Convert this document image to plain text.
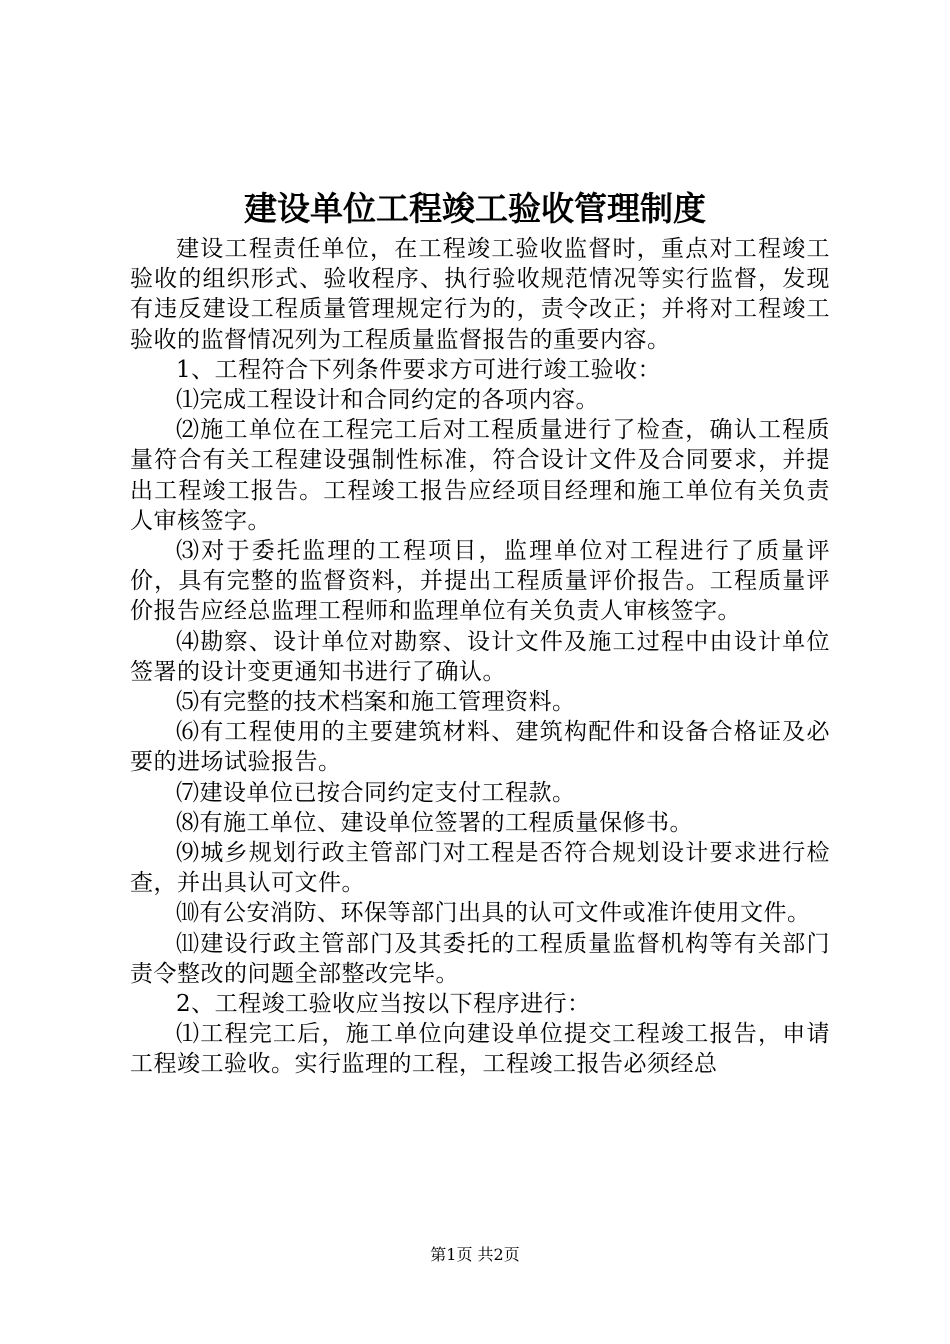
建设单位工程竣工验收管理制度

建设工程责任单位，在工程竣工验收监督时，重点对工程竣工验收的组织形式、验收程序、执行验收规范情况等实行监督，发现有违反建设工程质量管理规定行为的，责令改正；并将对工程竣工验收的监督情况列为工程质量监督报告的重要内容。

1、工程符合下列条件要求方可进行竣工验收：

⑴完成工程设计和合同约定的各项内容。

⑵施工单位在工程完工后对工程质量进行了检查，确认工程质量符合有关工程建设强制性标准，符合设计文件及合同要求，并提出工程竣工报告。工程竣工报告应经项目经理和施工单位有关负责人审核签字。

⑶对于委托监理的工程项目，监理单位对工程进行了质量评价，具有完整的监督资料，并提出工程质量评价报告。工程质量评价报告应经总监理工程师和监理单位有关负责人审核签字。

⑷勘察、设计单位对勘察、设计文件及施工过程中由设计单位签署的设计变更通知书进行了确认。

⑸有完整的技术档案和施工管理资料。

⑹有工程使用的主要建筑材料、建筑构配件和设备合格证及必要的进场试验报告。

⑺建设单位已按合同约定支付工程款。

⑻有施工单位、建设单位签署的工程质量保修书。

⑼城乡规划行政主管部门对工程是否符合规划设计要求进行检查，并出具认可文件。

⑽有公安消防、环保等部门出具的认可文件或准许使用文件。

⑾建设行政主管部门及其委托的工程质量监督机构等有关部门责令整改的问题全部整改完毕。

2、工程竣工验收应当按以下程序进行：

⑴工程完工后，施工单位向建设单位提交工程竣工报告，申请工程竣工验收。实行监理的工程，工程竣工报告必须经总

第1页 共2页
